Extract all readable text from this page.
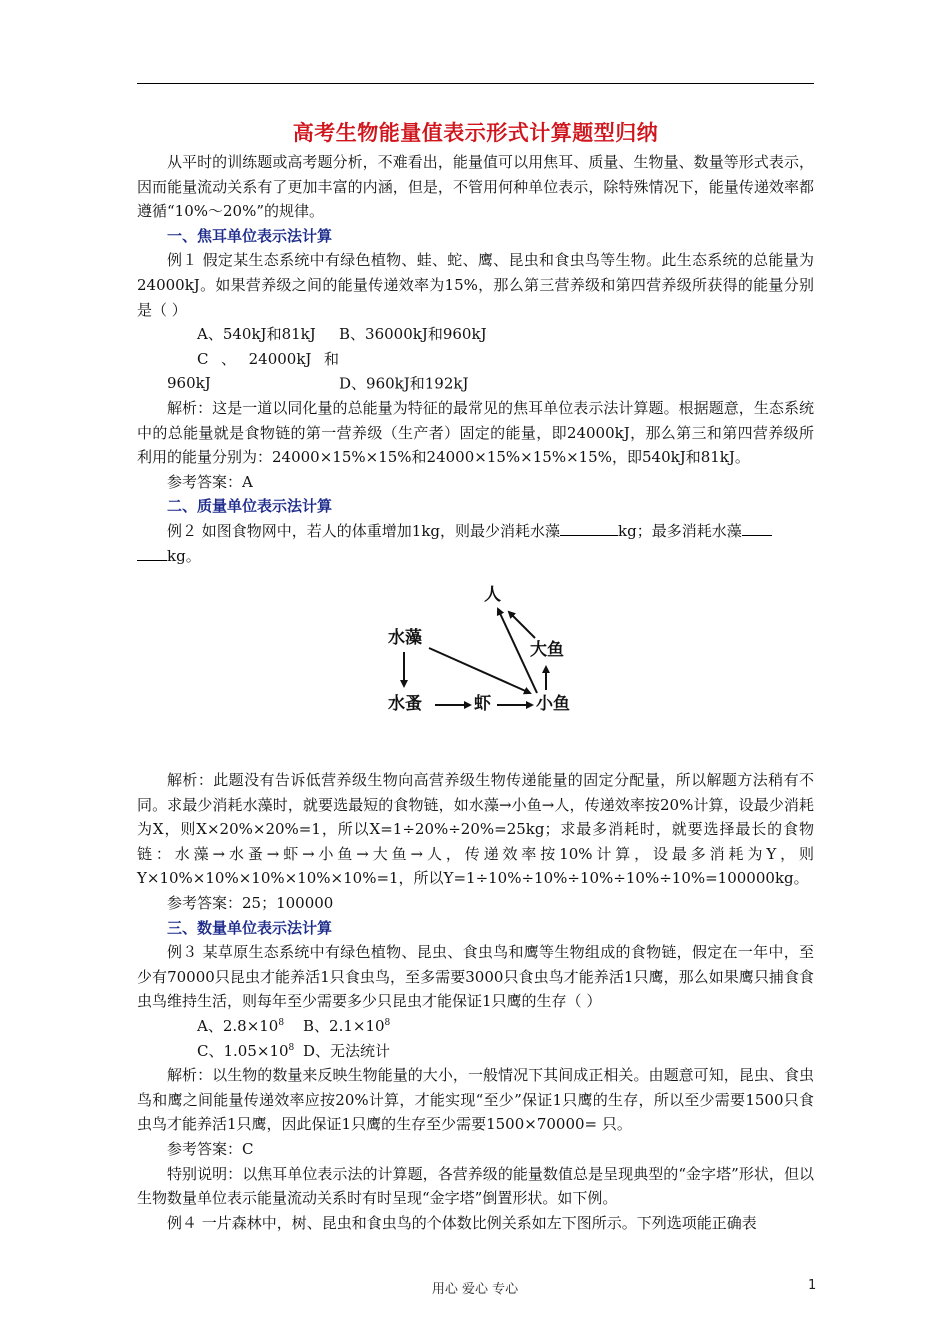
高考生物能量值表示形式计算题型归纳

从平时的训练题或高考题分析，不难看出，能量值可以用焦耳、质量、生物量、数量等形式表示，因而能量流动关系有了更加丰富的内涵，但是，不管用何种单位表示，除特殊情况下，能量传递效率都遵循“10%～20%”的规律。

一、焦耳单位表示法计算

例１ 假定某生态系统中有绿色植物、蛙、蛇、鹰、昆虫和食虫鸟等生物。此生态系统的总能量为24000kJ。如果营养级之间的能量传递效率为15%，那么第三营养级和第四营养级所获得的能量分别是（ ）

A、540kJ和81kJ B、36000kJ和960kJ

C、24000kJ和960kJ	D、960kJ和192kJ

解析：这是一道以同化量的总能量为特征的最常见的焦耳单位表示法计算题。根据题意，生态系统中的总能量就是食物链的第一营养级（生产者）固定的能量，即24000kJ，那么第三和第四营养级所利用的能量分别为：24000×15%×15%和24000×15%×15%×15%，即540kJ和81kJ。

参考答案：A

二、质量单位表示法计算

例２ 如图食物网中，若人的体重增加1kg，则最少消耗水藻	kg；最多消耗水藻
kg。

人
水藻
大鱼
水蚤	虾	小鱼

解析：此题没有告诉低营养级生物向高营养级生物传递能量的固定分配量，所以解题方法稍有不同。求最少消耗水藻时，就要选最短的食物链，如水藻→小鱼→人，传递效率按20%计算，设最少消耗为X，则X×20%×20%=1，所以X=1÷20%÷20%=25kg；求最多消耗时，就要选择最长的食物链：水藻→水蚤→虾→小鱼→大鱼→人，传递效率按10%计算，设最多消耗为Y，则Y×10%×10%×10%×10%×10%=1，所以Y=1÷10%÷10%÷10%÷10%÷10%=100000kg。

参考答案：25；100000

三、数量单位表示法计算

例３ 某草原生态系统中有绿色植物、昆虫、食虫鸟和鹰等生物组成的食物链，假定在一年中，至少有70000只昆虫才能养活1只食虫鸟，至多需要3000只食虫鸟才能养活1只鹰，那么如果鹰只捕食食虫鸟维持生活，则每年至少需要多少只昆虫才能保证1只鹰的生存（ ）

A、$2.8\times 10^8$ B、$2.1\times 10^8$

C、$1.05\times 10^8$ D、无法统计

解析：以生物的数量来反映生物能量的大小，一般情况下其间成正相关。由题意可知，昆虫、食虫鸟和鹰之间能量传递效率应按20%计算，才能实现“至少”保证1只鹰的生存，所以至少需要1500只食虫鸟才能养活1只鹰，因此保证1只鹰的生存至少需要1500×70000= 只。

参考答案：C

特别说明：以焦耳单位表示法的计算题，各营养级的能量数值总是呈现典型的“金字塔”形状，但以生物数量单位表示能量流动关系时有时呈现“金字塔”倒置形状。如下例。

例４ 一片森林中，树、昆虫和食虫鸟的个体数比例关系如左下图所示。下列选项能正确表

用心 爱心 专心	1
